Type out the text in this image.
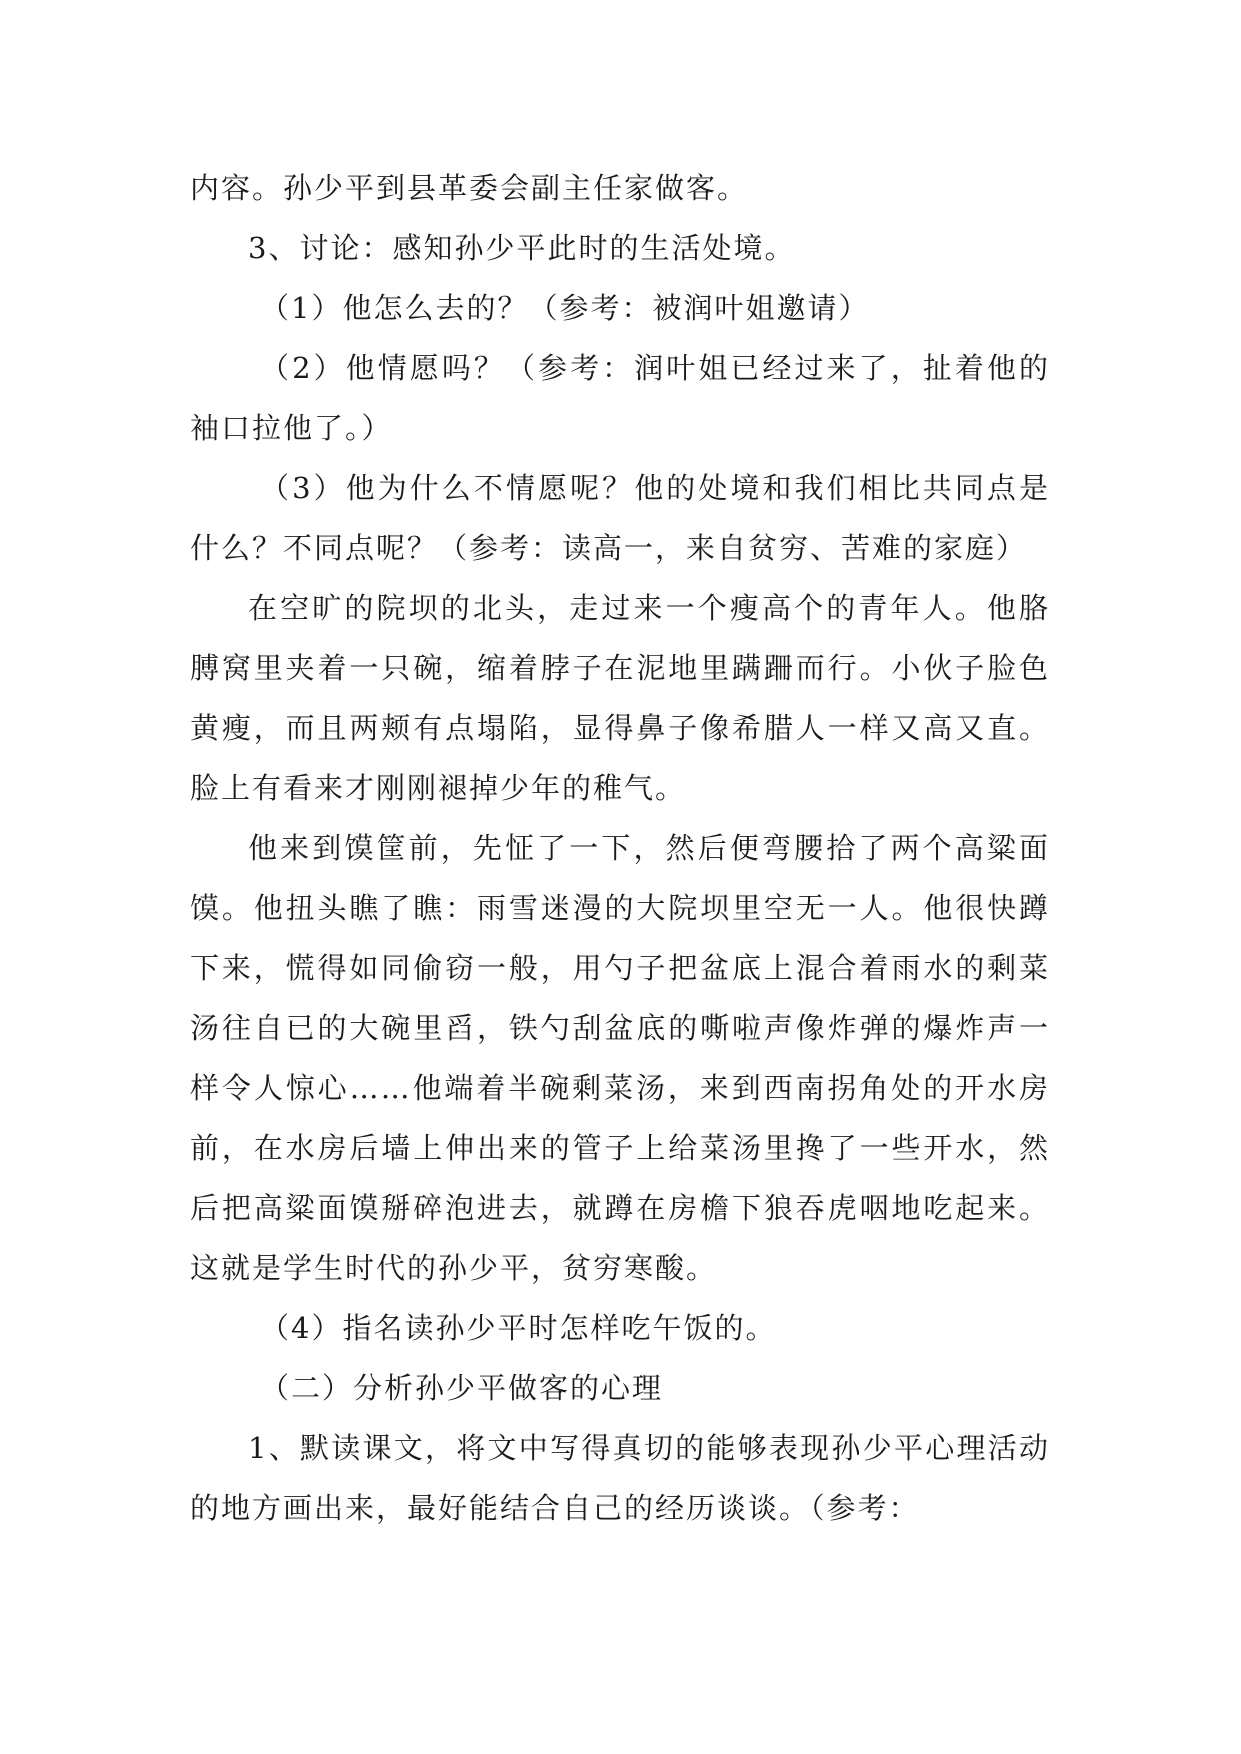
内容。孙少平到县革委会副主任家做客。

3、讨论：感知孙少平此时的生活处境。

（1）他怎么去的？（参考：被润叶姐邀请）

（2）他情愿吗？（参考：润叶姐已经过来了，扯着他的袖口拉他了。）

（3）他为什么不情愿呢？他的处境和我们相比共同点是什么？不同点呢？（参考：读高一，来自贫穷、苦难的家庭）

在空旷的院坝的北头，走过来一个瘦高个的青年人。他胳膊窝里夹着一只碗，缩着脖子在泥地里蹒跚而行。小伙子脸色黄瘦，而且两颊有点塌陷，显得鼻子像希腊人一样又高又直。脸上有看来才刚刚褪掉少年的稚气。

他来到馍筐前，先怔了一下，然后便弯腰拾了两个高粱面馍。他扭头瞧了瞧：雨雪迷漫的大院坝里空无一人。他很快蹲下来，慌得如同偷窃一般，用勺子把盆底上混合着雨水的剩菜汤往自已的大碗里舀，铁勺刮盆底的嘶啦声像炸弹的爆炸声一样令人惊心……他端着半碗剩菜汤，来到西南拐角处的开水房前，在水房后墙上伸出来的管子上给菜汤里搀了一些开水，然后把高粱面馍掰碎泡进去，就蹲在房檐下狼吞虎咽地吃起来。这就是学生时代的孙少平，贫穷寒酸。

（4）指名读孙少平时怎样吃午饭的。

（二）分析孙少平做客的心理

1、默读课文，将文中写得真切的能够表现孙少平心理活动的地方画出来，最好能结合自己的经历谈谈。（参考：
